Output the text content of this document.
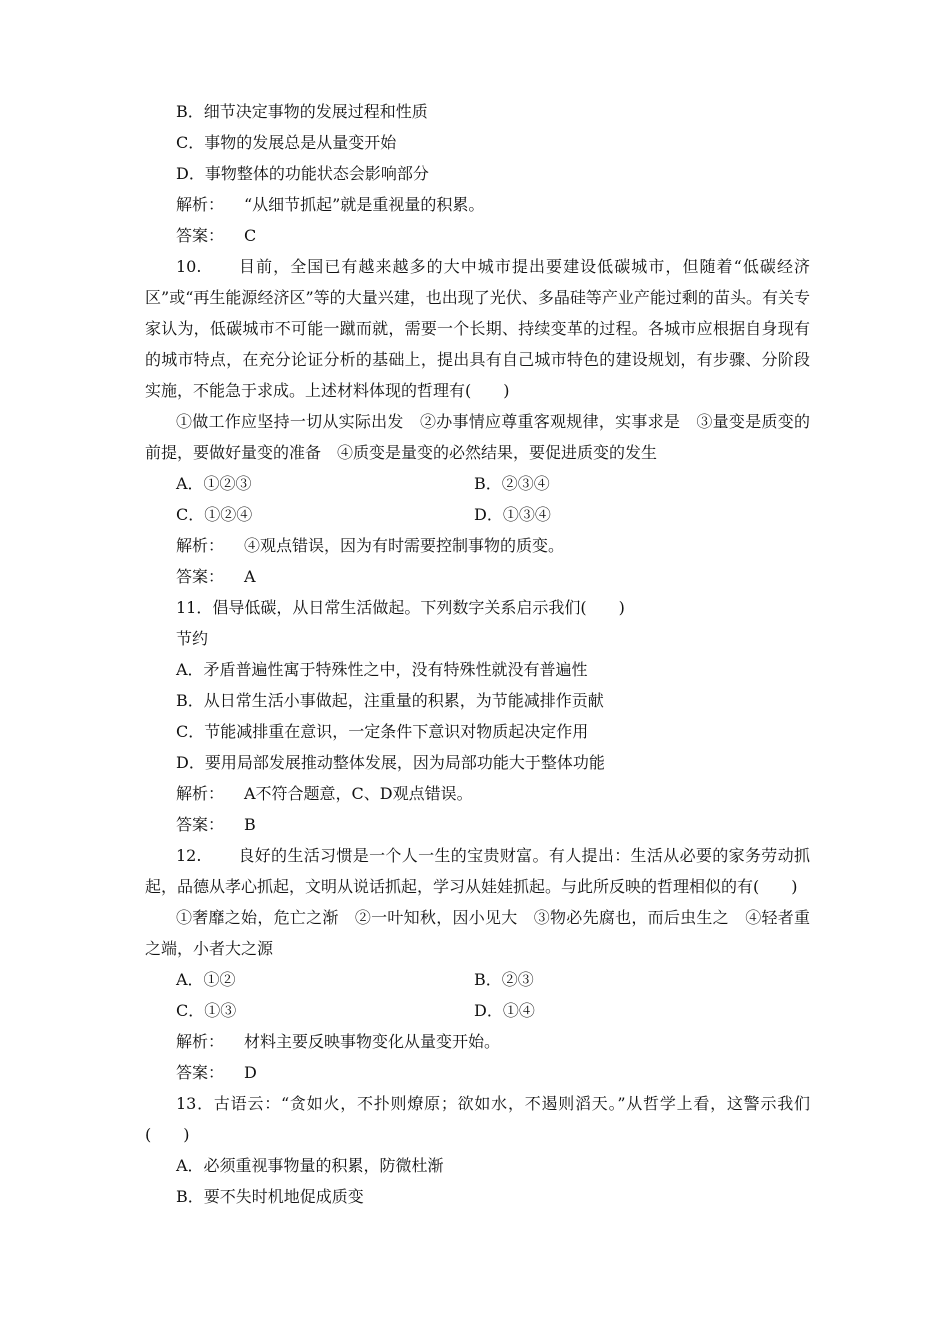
B．细节决定事物的发展过程和性质
C．事物的发展总是从量变开始
D．事物整体的功能状态会影响部分
解析： “从细节抓起”就是重视量的积累。
答案： C
10. 目前，全国已有越来越多的大中城市提出要建设低碳城市，但随着“低碳经济区”或“再生能源经济区”等的大量兴建，也出现了光伏、多晶硅等产业产能过剩的苗头。有关专家认为，低碳城市不可能一蹴而就，需要一个长期、持续变革的过程。各城市应根据自身现有的城市特点，在充分论证分析的基础上，提出具有自己城市特色的建设规划，有步骤、分阶段实施，不能急于求成。上述材料体现的哲理有(　　)
①做工作应坚持一切从实际出发　②办事情应尊重客观规律，实事求是　③量变是质变的前提，要做好量变的准备　④质变是量变的必然结果，要促进质变的发生
A．①②③	B．②③④
C．①②④	D．①③④
解析： ④观点错误，因为有时需要控制事物的质变。
答案： A
11．倡导低碳，从日常生活做起。下列数字关系启示我们(　　)
节约
A．矛盾普遍性寓于特殊性之中，没有特殊性就没有普遍性
B．从日常生活小事做起，注重量的积累，为节能减排作贡献
C．节能减排重在意识，一定条件下意识对物质起决定作用
D．要用局部发展推动整体发展，因为局部功能大于整体功能
解析： A不符合题意，C、D观点错误。
答案： B
12. 良好的生活习惯是一个人一生的宝贵财富。有人提出：生活从必要的家务劳动抓起，品德从孝心抓起，文明从说话抓起，学习从娃娃抓起。与此所反映的哲理相似的有(　　)
①奢靡之始，危亡之渐　②一叶知秋，因小见大　③物必先腐也，而后虫生之　④轻者重之端，小者大之源
A．①②	B．②③
C．①③	D．①④
解析： 材料主要反映事物变化从量变开始。
答案： D
13．古语云：“贪如火，不扑则燎原；欲如水，不遏则滔天。”从哲学上看，这警示我们(　　)
A．必须重视事物量的积累，防微杜渐
B．要不失时机地促成质变
